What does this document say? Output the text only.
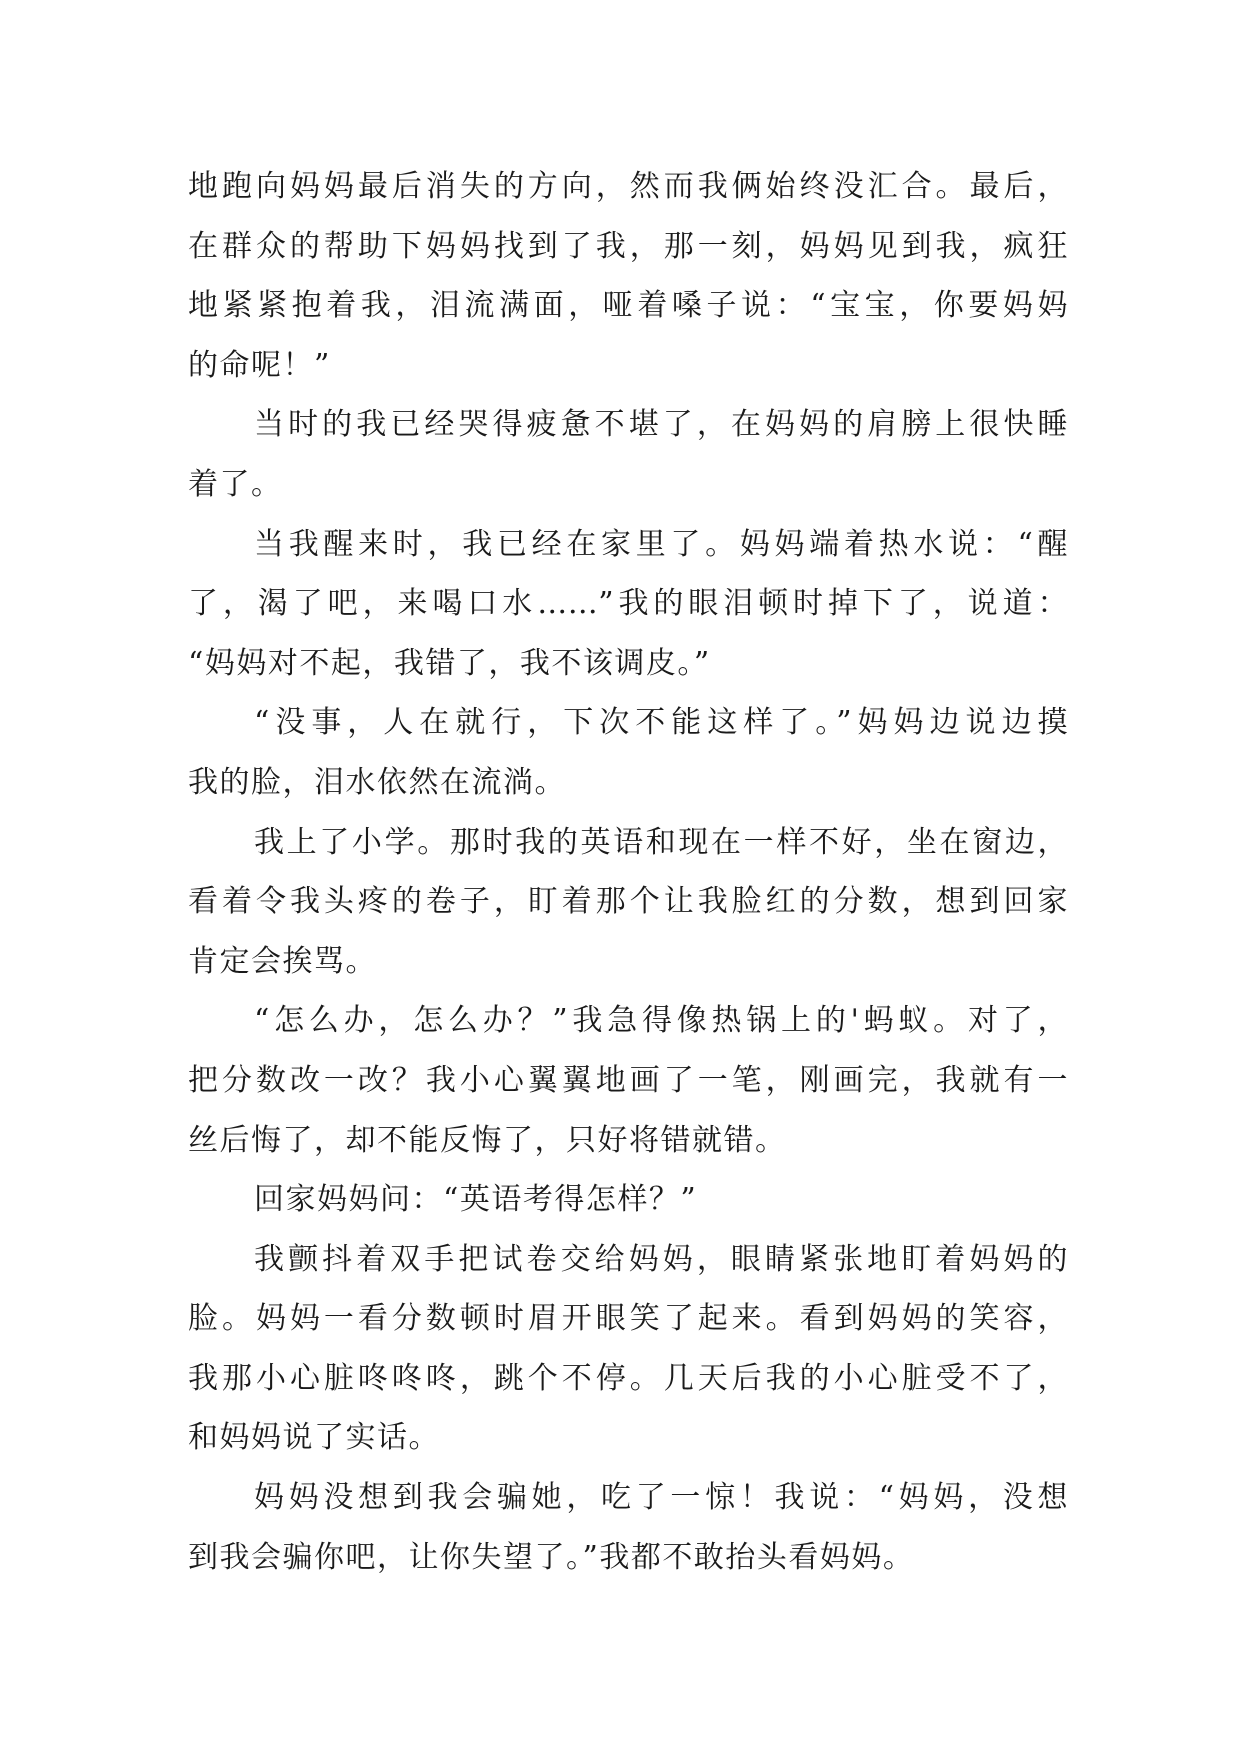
地跑向妈妈最后消失的方向，然而我俩始终没汇合。最后，
在群众的帮助下妈妈找到了我，那一刻，妈妈见到我，疯狂
地紧紧抱着我，泪流满面，哑着嗓子说：“宝宝，你要妈妈
的命呢！”
当时的我已经哭得疲惫不堪了，在妈妈的肩膀上很快睡
着了。
当我醒来时，我已经在家里了。妈妈端着热水说：“醒
了，渴了吧，来喝口水……”我的眼泪顿时掉下了，说道：
“妈妈对不起，我错了，我不该调皮。”
“没事，人在就行，下次不能这样了。”妈妈边说边摸
我的脸，泪水依然在流淌。
我上了小学。那时我的英语和现在一样不好，坐在窗边，
看着令我头疼的卷子，盯着那个让我脸红的分数，想到回家
肯定会挨骂。
“怎么办，怎么办？”我急得像热锅上的'蚂蚁。对了，
把分数改一改？我小心翼翼地画了一笔，刚画完，我就有一
丝后悔了，却不能反悔了，只好将错就错。
回家妈妈问：“英语考得怎样？”
我颤抖着双手把试卷交给妈妈，眼睛紧张地盯着妈妈的
脸。妈妈一看分数顿时眉开眼笑了起来。看到妈妈的笑容，
我那小心脏咚咚咚，跳个不停。几天后我的小心脏受不了，
和妈妈说了实话。
妈妈没想到我会骗她，吃了一惊！我说：“妈妈，没想
到我会骗你吧，让你失望了。”我都不敢抬头看妈妈。
